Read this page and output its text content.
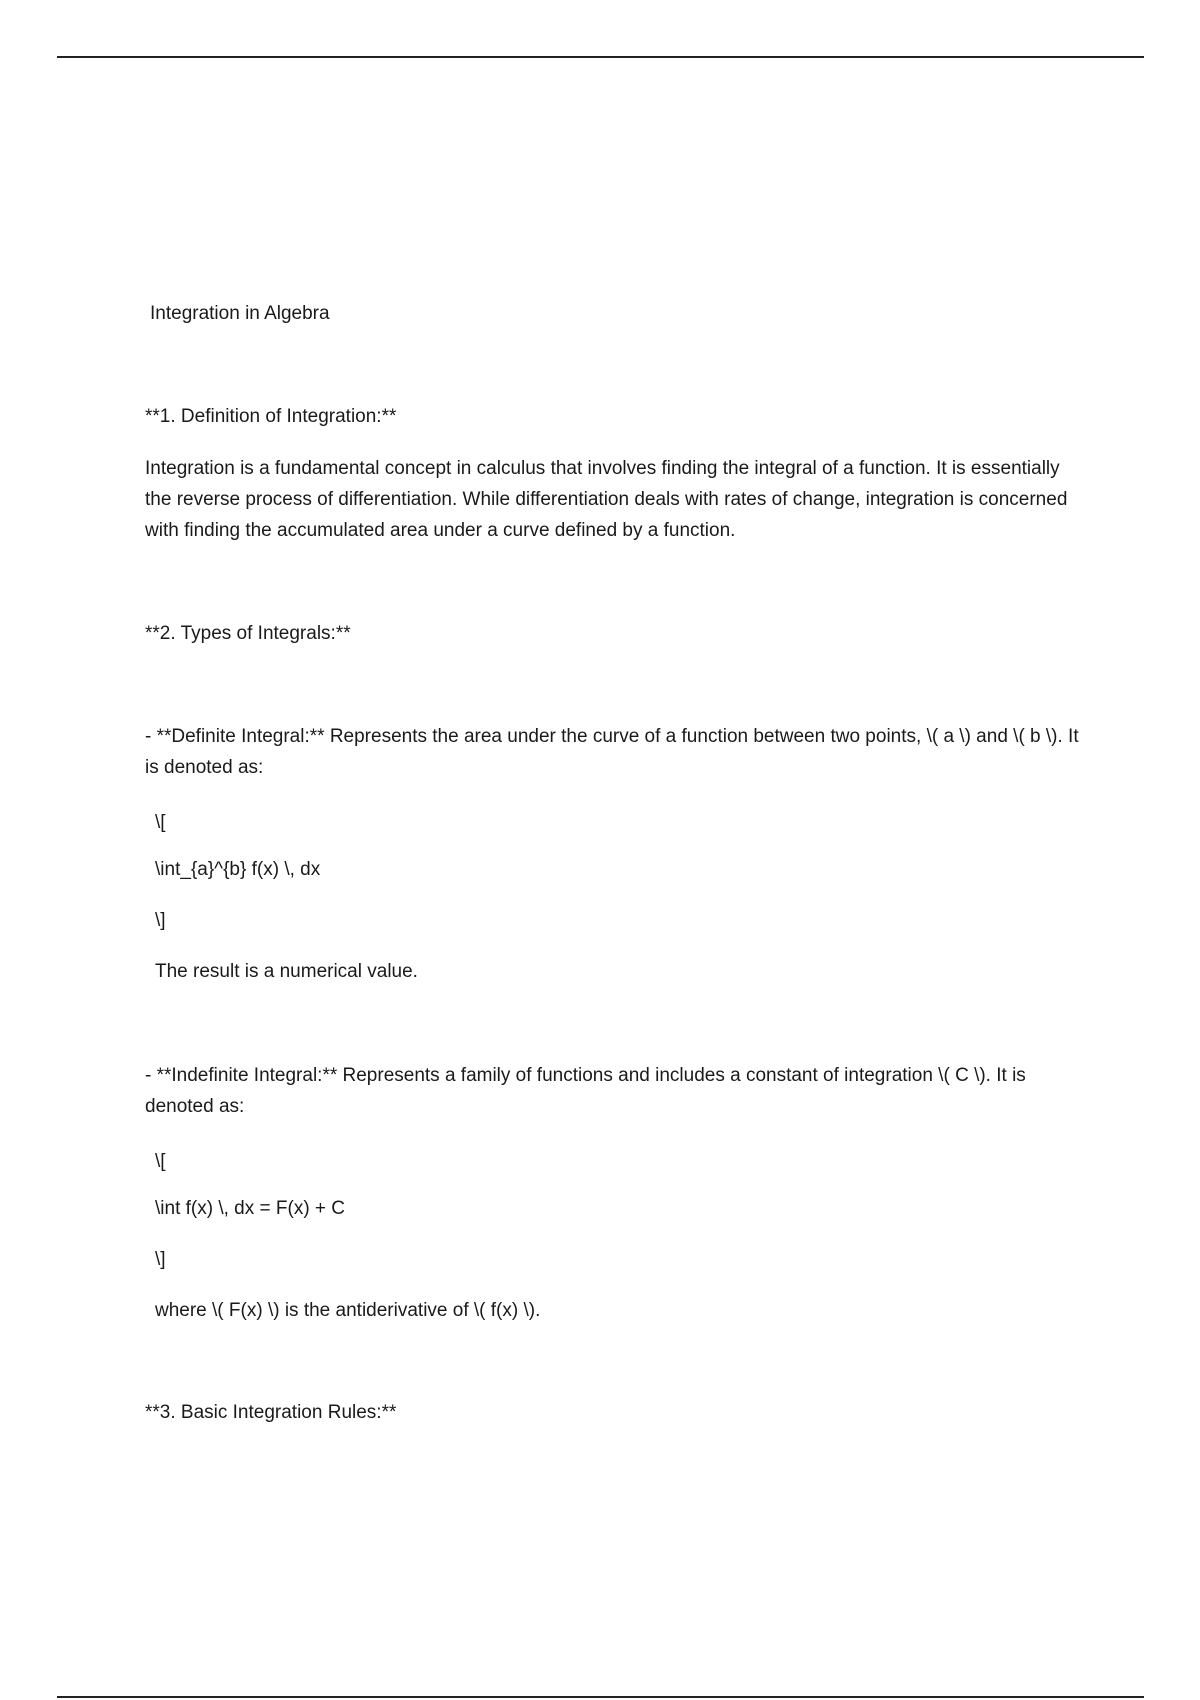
Integration in Algebra
**1. Definition of Integration:**
Integration is a fundamental concept in calculus that involves finding the integral of a function. It is essentially the reverse process of differentiation. While differentiation deals with rates of change, integration is concerned with finding the accumulated area under a curve defined by a function.
**2. Types of Integrals:**
- **Definite Integral:** Represents the area under the curve of a function between two points, \( a \) and \( b \). It is denoted as:
\[
\int_{a}^{b} f(x) \, dx
\]
The result is a numerical value.
- **Indefinite Integral:** Represents a family of functions and includes a constant of integration \( C \). It is denoted as:
\[
\int f(x) \, dx = F(x) + C
\]
where \( F(x) \) is the antiderivative of \( f(x) \).
**3. Basic Integration Rules:**
